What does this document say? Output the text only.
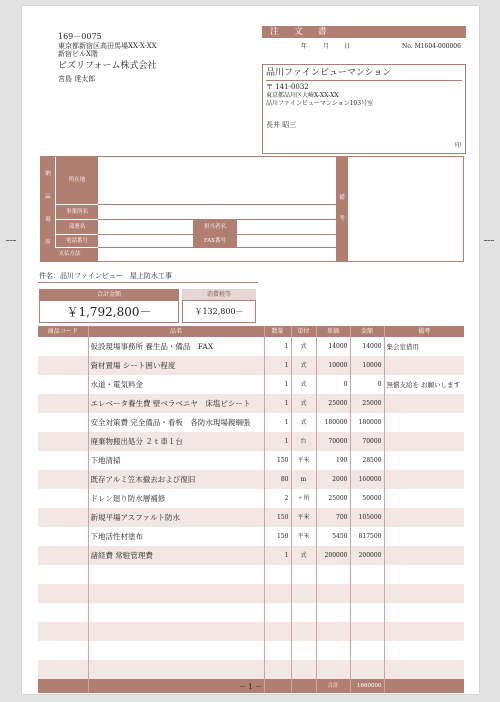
169－0075
東京都新宿区高田馬場XX-X-XX
新宿ビルX階
ビズリフォーム株式会社
宮島 達太郎
注 文 書
年	月 日	No. M1604-000006
品川ファインビューマンション
〒 141-0032
東京都品川区大崎X-XX-XX
品川ファインビューマンション103号室
長井 昭三
印
納
品
場
所
所在地
事業所名
部署名
電話番号
支払方法
担当者名
FAX番号
備
考
件名：品川ファインビュー　屋上防水工事
合計金額
￥1,792,800－
消費税等
￥132,800－
商品コード	品名	数量	単位	単価	金額	備考
	仮設現場事務所 養生品・備品　FAX	1	式	14000	14000	集会室借用
	資材置場 シート囲い程度	1	式	10000	10000	
	水道・電気料金	1	式	0	0	無償支給を お願いします
	エレベータ養生費 壁ベラベニヤ　床塩ビシート	1	式	25000	25000	
	安全対策費 完全備品・看板　各防水現場親綱張	1	式	180000	180000	
	廃棄物搬出処分 ２ｔ車１台	1	台	70000	70000	
	下地清掃	150	平米	190	28500	
	既存アルミ笠木撤去および復旧	80	m	2000	160000	
	ドレン廻り防水層補修	2	ヶ所	25000	50000	
	新規平場アスファルト防水	150	平米	700	105000	
	下地活性材塗布	150	平米	5450	817500	
	諸経費 常駐管理費	1	式	200000	200000	

				合計	1660000	
－ 1 －
